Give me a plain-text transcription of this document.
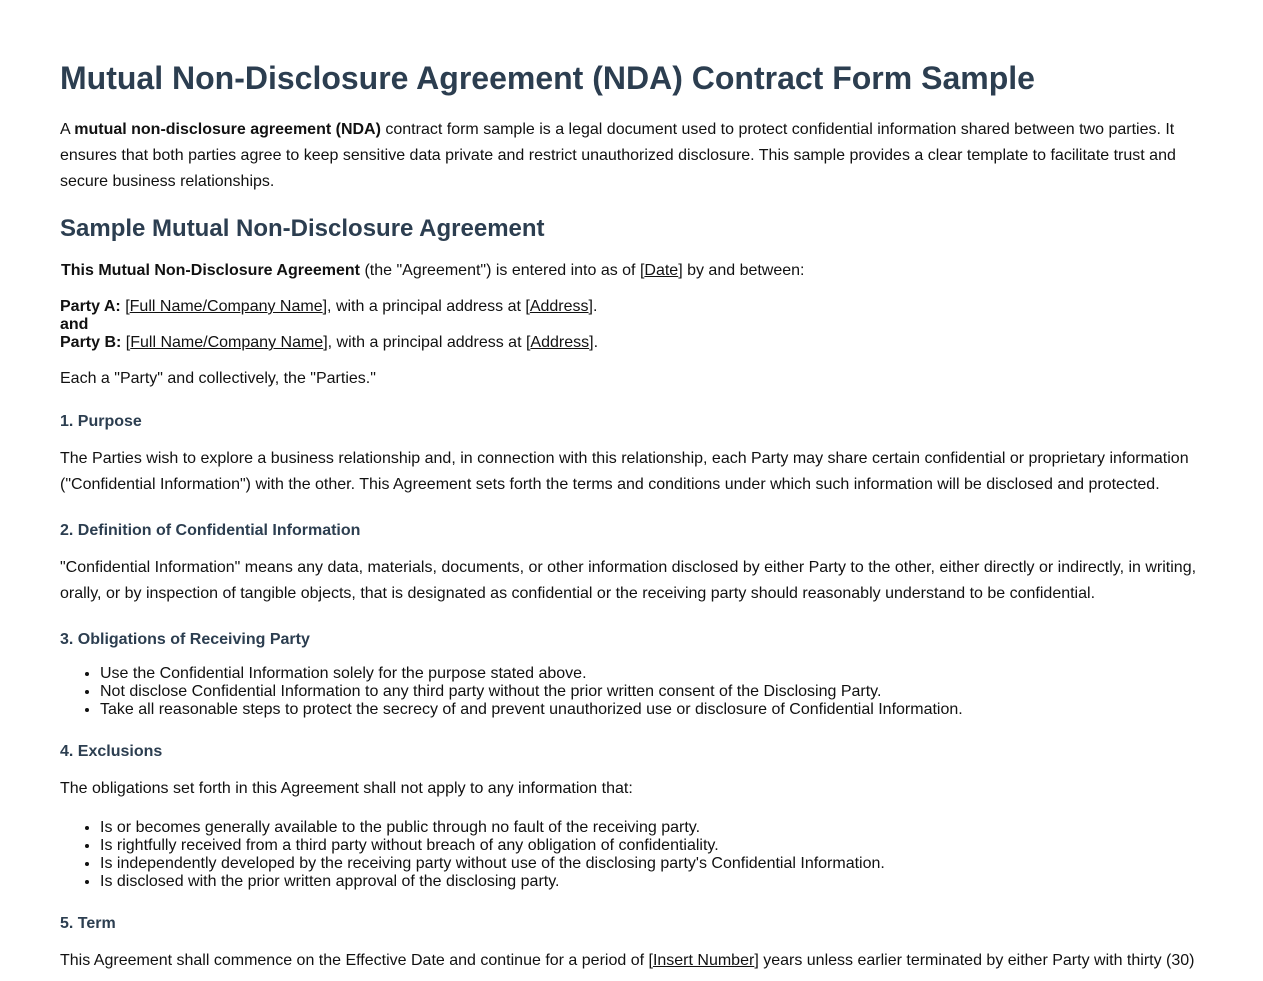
Mutual Non-Disclosure Agreement (NDA) Contract Form Sample

A mutual non-disclosure agreement (NDA) contract form sample is a legal document used to protect confidential information shared between two parties. It ensures that both parties agree to keep sensitive data private and restrict unauthorized disclosure. This sample provides a clear template to facilitate trust and secure business relationships.

Sample Mutual Non-Disclosure Agreement

This Mutual Non-Disclosure Agreement (the "Agreement") is entered into as of [Date] by and between:

Party A: [Full Name/Company Name], with a principal address at [Address].
and
Party B: [Full Name/Company Name], with a principal address at [Address].

Each a "Party" and collectively, the "Parties."

1. Purpose

The Parties wish to explore a business relationship and, in connection with this relationship, each Party may share certain confidential or proprietary information ("Confidential Information") with the other. This Agreement sets forth the terms and conditions under which such information will be disclosed and protected.

2. Definition of Confidential Information

"Confidential Information" means any data, materials, documents, or other information disclosed by either Party to the other, either directly or indirectly, in writing, orally, or by inspection of tangible objects, that is designated as confidential or the receiving party should reasonably understand to be confidential.

3. Obligations of Receiving Party
• Use the Confidential Information solely for the purpose stated above.
• Not disclose Confidential Information to any third party without the prior written consent of the Disclosing Party.
• Take all reasonable steps to protect the secrecy of and prevent unauthorized use or disclosure of Confidential Information.
4. Exclusions

The obligations set forth in this Agreement shall not apply to any information that:

• Is or becomes generally available to the public through no fault of the receiving party.
• Is rightfully received from a third party without breach of any obligation of confidentiality.
• Is independently developed by the receiving party without use of the disclosing party's Confidential Information.
• Is disclosed with the prior written approval of the disclosing party.
5. Term

This Agreement shall commence on the Effective Date and continue for a period of [Insert Number] years unless earlier terminated by either Party with thirty (30)
